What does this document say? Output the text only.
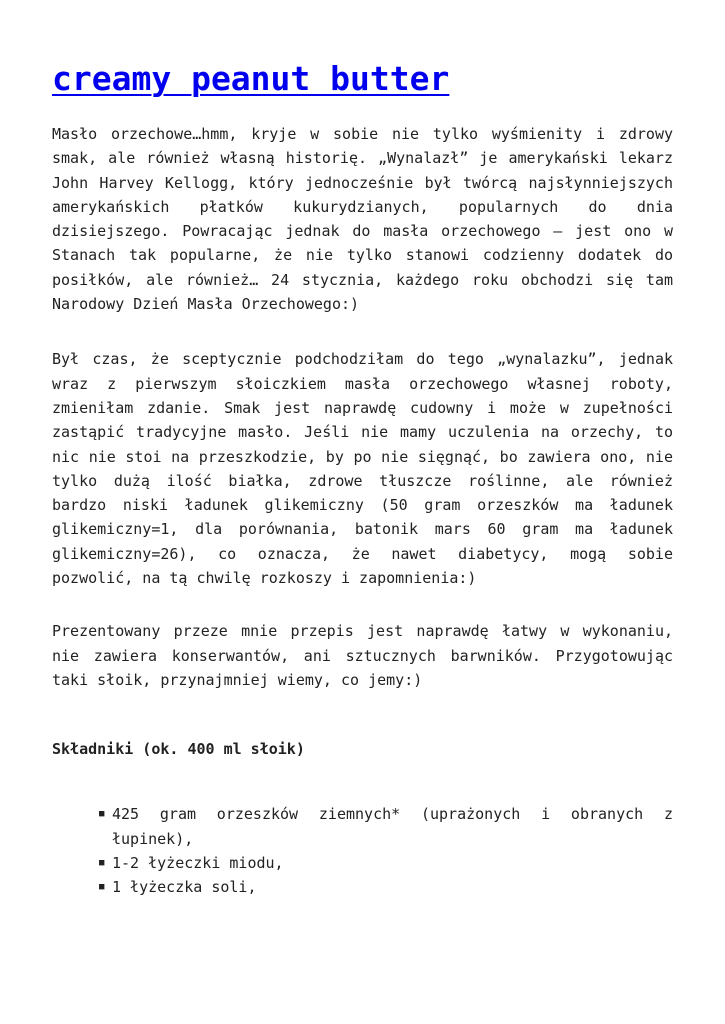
creamy peanut butter

Masło orzechowe…hmm, kryje w sobie nie tylko wyśmienity i zdrowy smak, ale również własną historię. „Wynalazł” je amerykański lekarz John Harvey Kellogg, który jednocześnie był twórcą najsłynniejszych amerykańskich płatków kukurydzianych, popularnych do dnia dzisiejszego. Powracając jednak do masła orzechowego – jest ono w Stanach tak popularne, że nie tylko stanowi codzienny dodatek do posiłków, ale również… 24 stycznia, każdego roku obchodzi się tam Narodowy Dzień Masła Orzechowego:)

Był czas, że sceptycznie podchodziłam do tego „wynalazku”, jednak wraz z pierwszym słoiczkiem masła orzechowego własnej roboty, zmieniłam zdanie. Smak jest naprawdę cudowny i może w zupełności zastąpić tradycyjne masło. Jeśli nie mamy uczulenia na orzechy, to nic nie stoi na przeszkodzie, by po nie sięgnąć, bo zawiera ono, nie tylko dużą ilość białka, zdrowe tłuszcze roślinne, ale również bardzo niski ładunek glikemiczny (50 gram orzeszków ma ładunek glikemiczny=1, dla porównania, batonik mars 60 gram ma ładunek glikemiczny=26), co oznacza, że nawet diabetycy, mogą sobie pozwolić, na tą chwilę rozkoszy i zapomnienia:)

Prezentowany przeze mnie przepis jest naprawdę łatwy w wykonaniu, nie zawiera konserwantów, ani sztucznych barwników. Przygotowując taki słoik, przynajmniej wiemy, co jemy:)

Składniki (ok. 400 ml słoik)

■ 425 gram orzeszków ziemnych* (uprażonych i obranych z łupinek),
■ 1-2 łyżeczki miodu,
■ 1 łyżeczka soli,
